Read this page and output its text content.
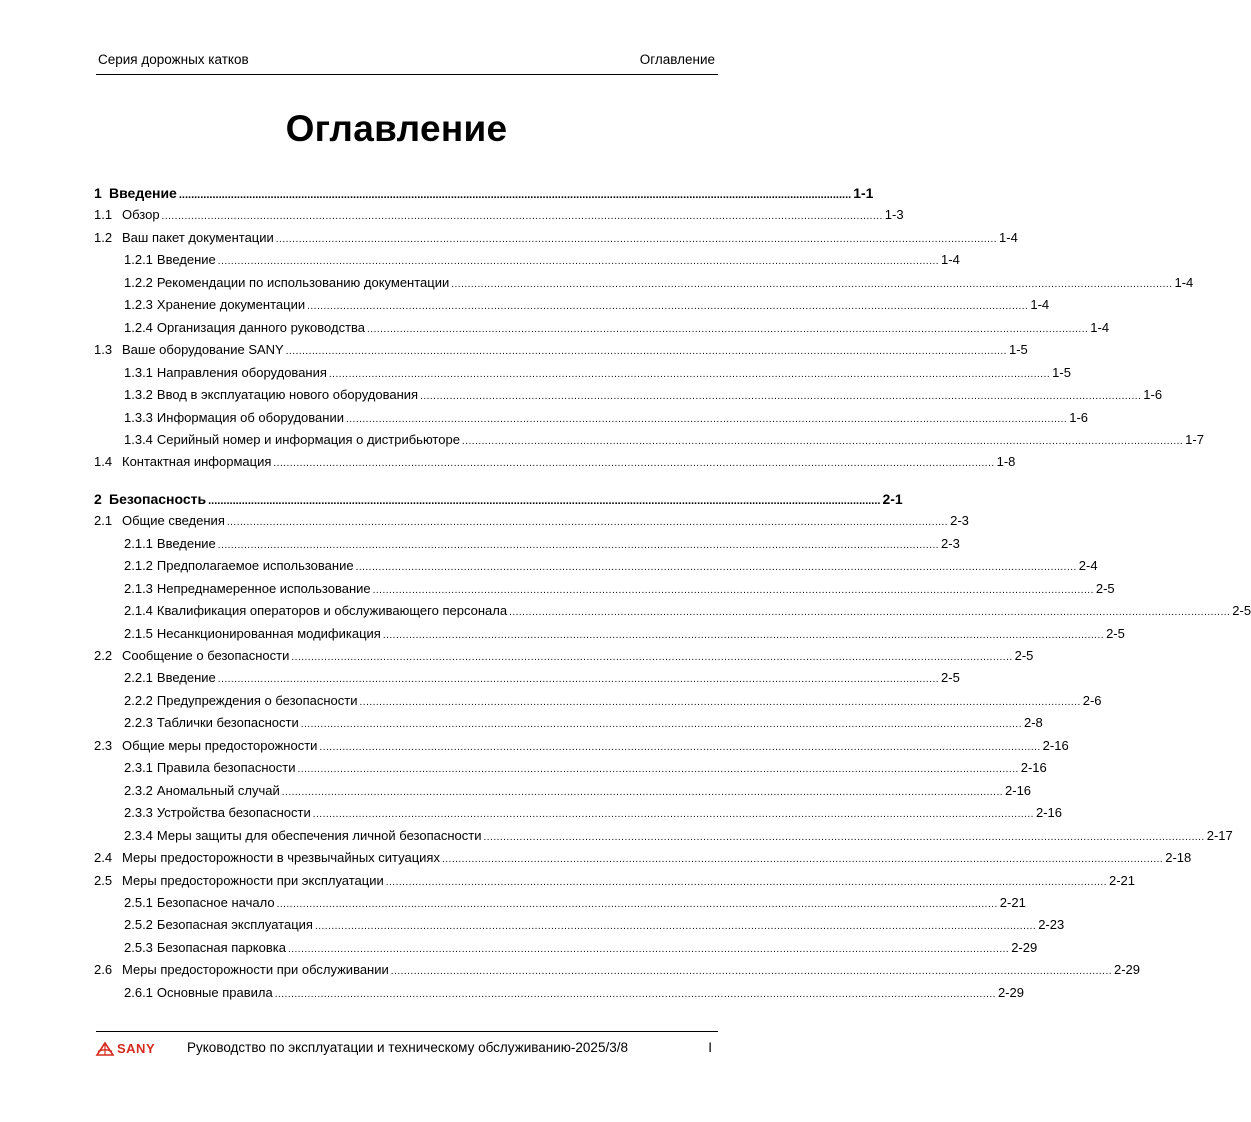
Серия дорожных катков	Оглавление
Оглавление
1 Введение ............................................................................................................................................................................................................................ 1-1
1.1 Обзор ............................................................................................................................................................................................................................ 1-3
1.2 Ваш пакет документации ............................................................................................................................................................................................................................ 1-4
1.2.1 Введение ............................................................................................................................................................................................................................ 1-4
1.2.2 Рекомендации по использованию документации ............................................................................................................................................................................................................................ 1-4
1.2.3 Хранение документации ............................................................................................................................................................................................................................ 1-4
1.2.4 Организация данного руководства ............................................................................................................................................................................................................................ 1-4
1.3 Ваше оборудование SANY ............................................................................................................................................................................................................................ 1-5
1.3.1 Направления оборудования ............................................................................................................................................................................................................................ 1-5
1.3.2 Ввод в эксплуатацию нового оборудования ............................................................................................................................................................................................................................ 1-6
1.3.3 Информация об оборудовании ............................................................................................................................................................................................................................ 1-6
1.3.4 Серийный номер и информация о дистрибьюторе ............................................................................................................................................................................................................................ 1-7
1.4 Контактная информация ............................................................................................................................................................................................................................ 1-8
2 Безопасность ............................................................................................................................................................................................................................ 2-1
2.1 Общие сведения ............................................................................................................................................................................................................................ 2-3
2.1.1 Введение ............................................................................................................................................................................................................................ 2-3
2.1.2 Предполагаемое использование ............................................................................................................................................................................................................................ 2-4
2.1.3 Непреднамеренное использование ............................................................................................................................................................................................................................ 2-5
2.1.4 Квалификация операторов и обслуживающего персонала ............................................................................................................................................................................................................................ 2-5
2.1.5 Несанкционированная модификация ............................................................................................................................................................................................................................ 2-5
2.2 Сообщение о безопасности ............................................................................................................................................................................................................................ 2-5
2.2.1 Введение ............................................................................................................................................................................................................................ 2-5
2.2.2 Предупреждения о безопасности ............................................................................................................................................................................................................................ 2-6
2.2.3 Таблички безопасности ............................................................................................................................................................................................................................ 2-8
2.3 Общие меры предосторожности ............................................................................................................................................................................................................................ 2-16
2.3.1 Правила безопасности ............................................................................................................................................................................................................................ 2-16
2.3.2 Аномальный случай ............................................................................................................................................................................................................................ 2-16
2.3.3 Устройства безопасности ............................................................................................................................................................................................................................ 2-16
2.3.4 Меры защиты для обеспечения личной безопасности ............................................................................................................................................................................................................................ 2-17
2.4 Меры предосторожности в чрезвычайных ситуациях ............................................................................................................................................................................................................................ 2-18
2.5 Меры предосторожности при эксплуатации ............................................................................................................................................................................................................................ 2-21
2.5.1 Безопасное начало ............................................................................................................................................................................................................................ 2-21
2.5.2 Безопасная эксплуатация ............................................................................................................................................................................................................................ 2-23
2.5.3 Безопасная парковка ............................................................................................................................................................................................................................ 2-29
2.6 Меры предосторожности при обслуживании ............................................................................................................................................................................................................................ 2-29
2.6.1 Основные правила ............................................................................................................................................................................................................................ 2-29
SANY Руководство по эксплуатации и техническому обслуживанию-2025/3/8	I
